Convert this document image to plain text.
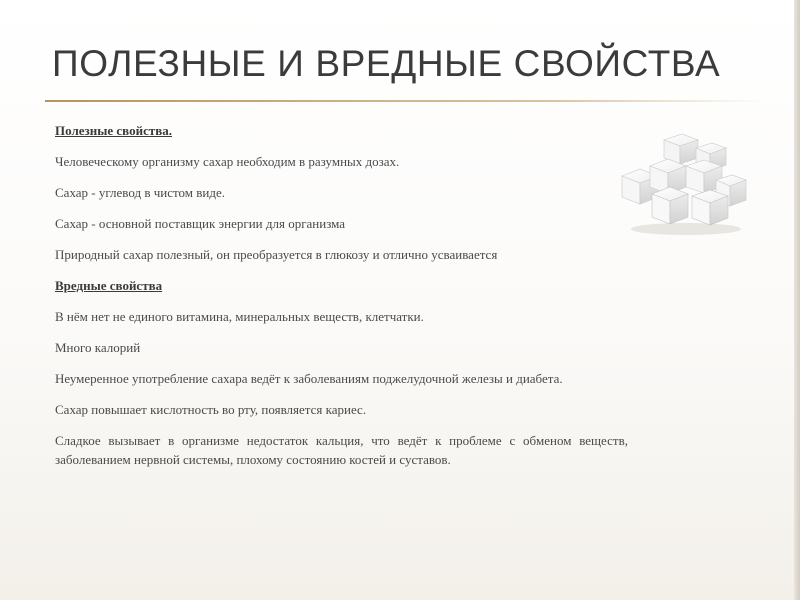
ПОЛЕЗНЫЕ И ВРЕДНЫЕ СВОЙСТВА

Полезные свойства.

Человеческому организму сахар необходим в разумных дозах.

Сахар - углевод в чистом виде.

Сахар - основной поставщик энергии для организма

Природный сахар полезный, он преобразуется в глюкозу и отлично усваивается

Вредные свойства

В нём нет не единого витамина, минеральных веществ, клетчатки.

Много калорий

Неумеренное употребление сахара ведёт к заболеваниям поджелудочной железы и диабета.

Сахар повышает кислотность во рту, появляется кариес.

Сладкое вызывает в организме недостаток кальция, что ведёт к проблеме с обменом веществ, заболеванием нервной системы, плохому состоянию костей и суставов.
